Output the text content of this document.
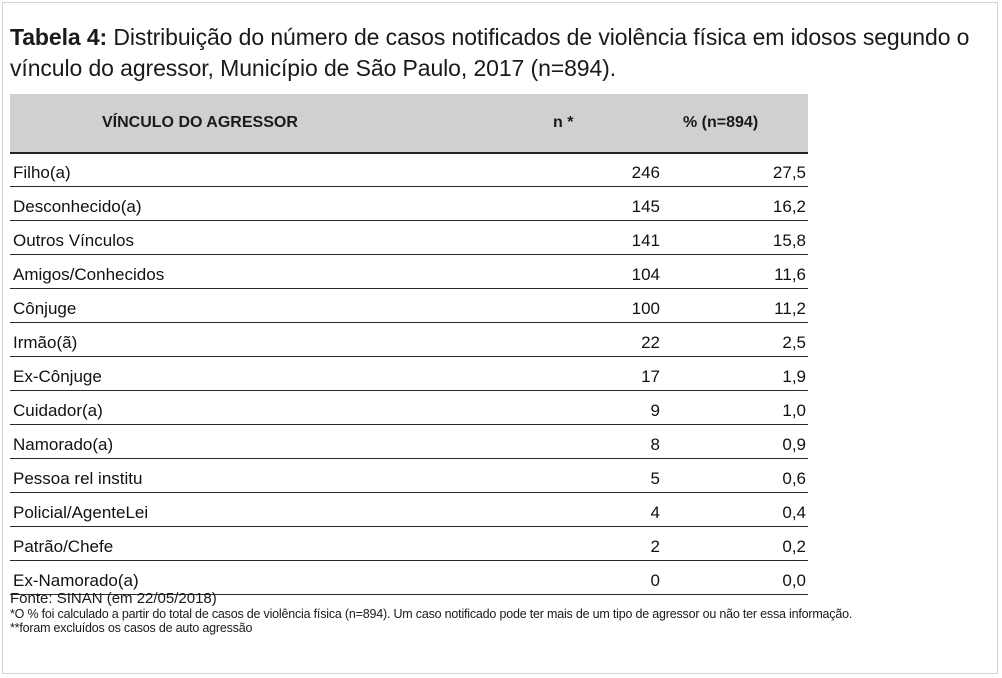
Tabela 4: Distribuição do número de casos notificados de violência física em idosos segundo o vínculo do agressor, Município de São Paulo, 2017 (n=894).
VÍNCULO DO AGRESSOR	n *	% (n=894)
Filho(a)	246	27,5
Desconhecido(a)	145	16,2
Outros Vínculos	141	15,8
Amigos/Conhecidos	104	11,6
Cônjuge	100	11,2
Irmão(ã)	22	2,5
Ex-Cônjuge	17	1,9
Cuidador(a)	9	1,0
Namorado(a)	8	0,9
Pessoa rel institu	5	0,6
Policial/AgenteLei	4	0,4
Patrão/Chefe	2	0,2
Ex-Namorado(a)	0	0,0
Fonte: SINAN (em 22/05/2018)
*O % foi calculado a partir do total de casos de violência física (n=894). Um caso notificado pode ter mais de um tipo de agressor ou não ter essa informação.
**foram excluídos os casos de auto agressão
